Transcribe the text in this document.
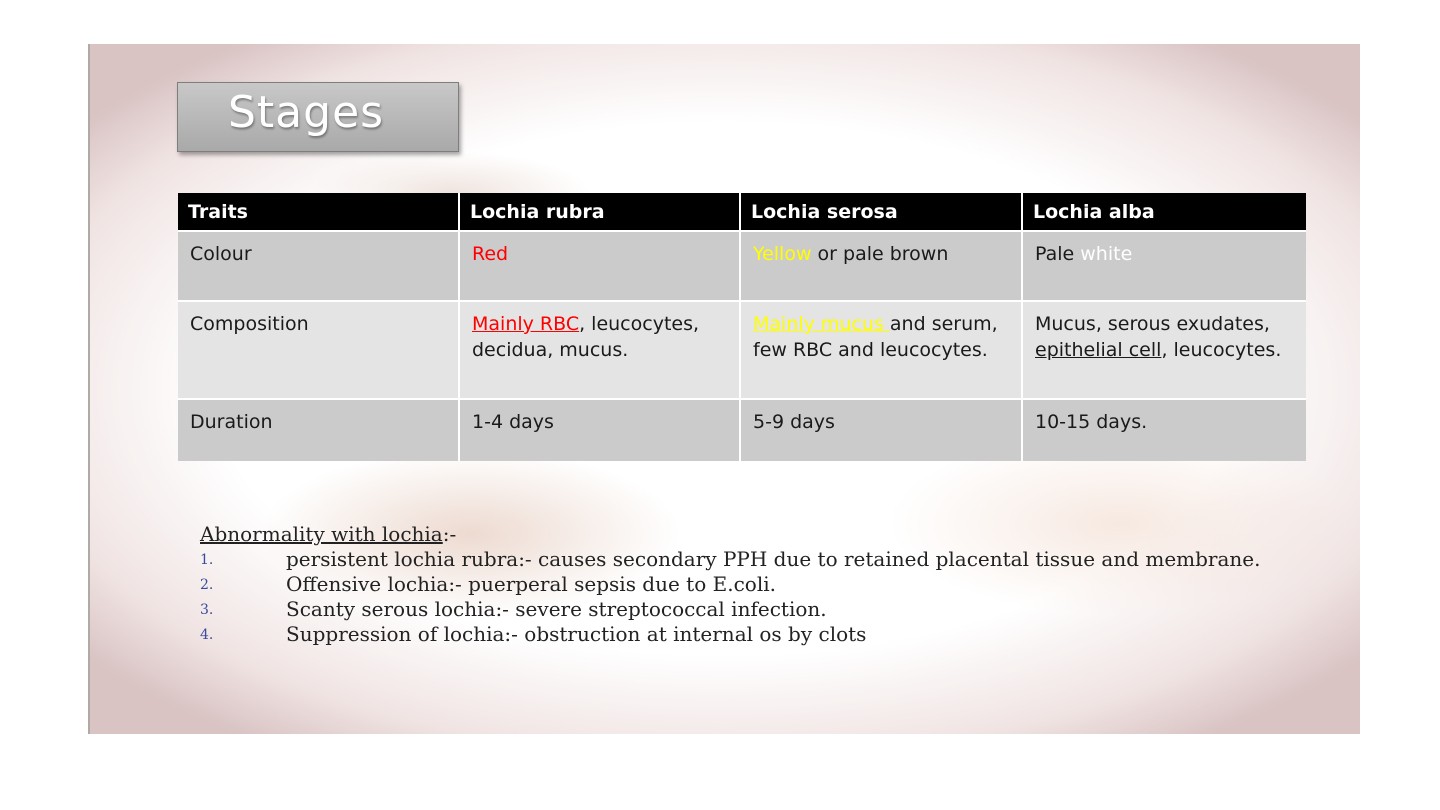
Stages
Traits	Lochia rubra	Lochia serosa	Lochia alba
Colour	Red	Yellow or pale brown	Pale white
Composition	Mainly RBC, leucocytes, decidua, mucus.	Mainly mucus and serum, few RBC and leucocytes.	Mucus, serous exudates, epithelial cell, leucocytes.
Duration	1-4 days	5-9 days	10-15 days.
Abnormality with lochia:-
1.	persistent lochia rubra:- causes secondary PPH due to retained placental tissue and membrane.
2.	Offensive lochia:- puerperal sepsis due to E.coli.
3.	Scanty serous lochia:- severe streptococcal infection.
4.	Suppression of lochia:- obstruction at internal os by clots
